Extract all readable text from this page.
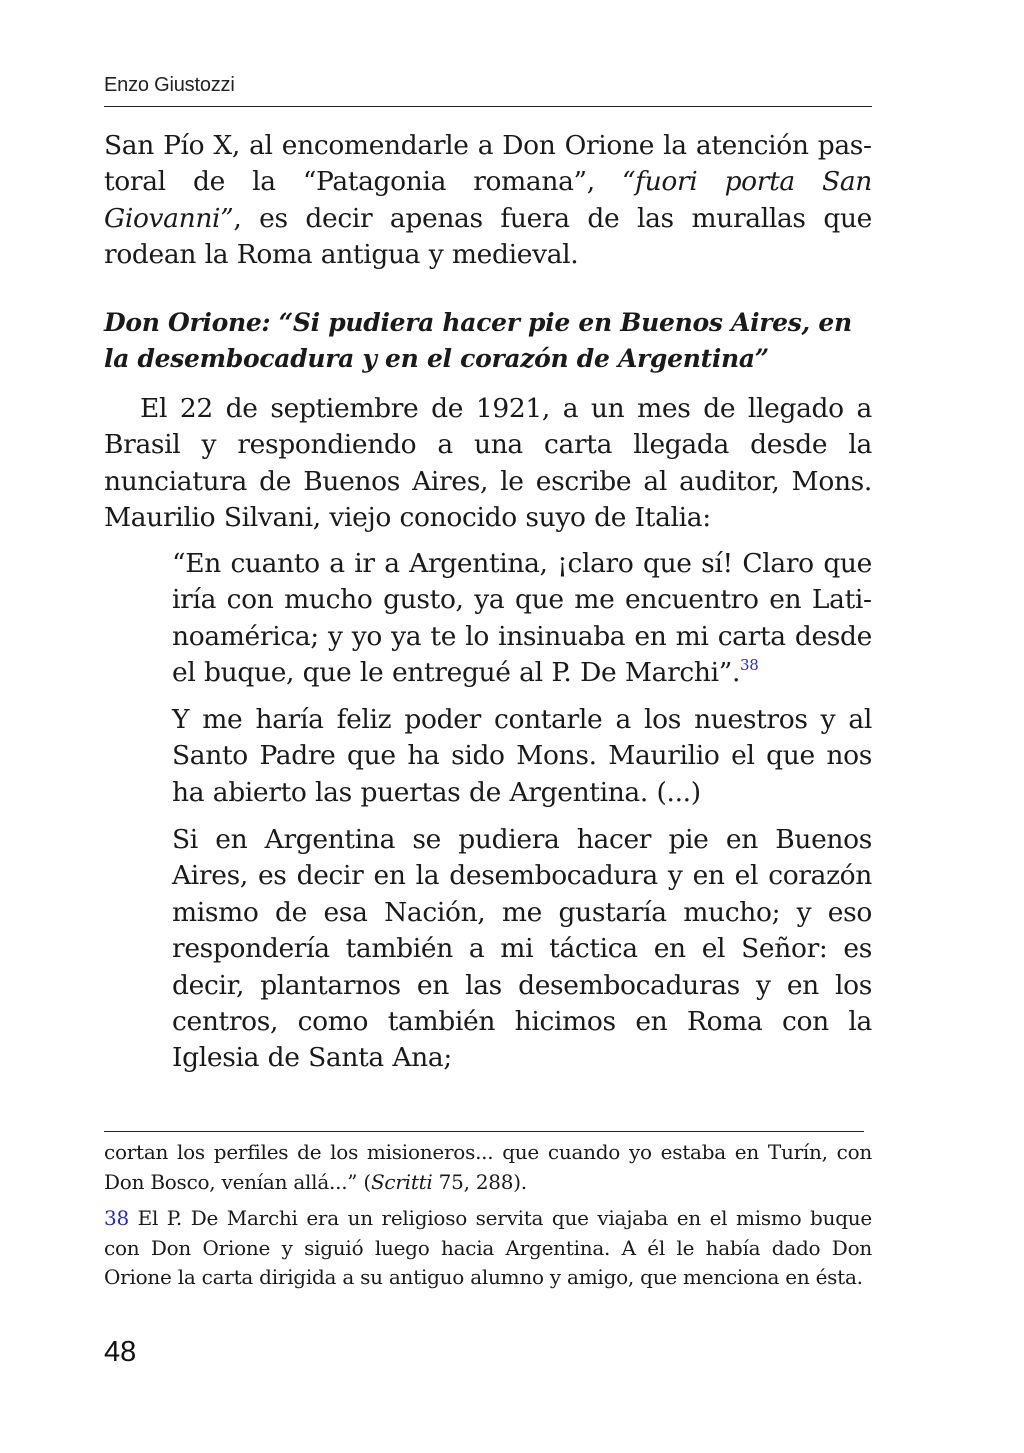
Enzo Giustozzi
San Pío X, al encomendarle a Don Orione la atención pastoral de la “Patagonia romana”, “fuori porta San Giovanni”, es decir apenas fuera de las murallas que rodean la Roma antigua y medieval.
Don Orione: “Si pudiera hacer pie en Buenos Aires, en la desembocadura y en el corazón de Argentina”
El 22 de septiembre de 1921, a un mes de llegado a Brasil y respondiendo a una carta llegada desde la nunciatura de Buenos Aires, le escribe al auditor, Mons. Maurilio Silvani, viejo conocido suyo de Italia:
“En cuanto a ir a Argentina, ¡claro que sí! Claro que iría con mucho gusto, ya que me encuentro en Latinoamérica; y yo ya te lo insinuaba en mi carta desde el buque, que le entregué al P. De Marchi”.$^{38}$
Y me haría feliz poder contarle a los nuestros y al Santo Padre que ha sido Mons. Maurilio el que nos ha abierto las puertas de Argentina. (...)
Si en Argentina se pudiera hacer pie en Buenos Aires, es decir en la desembocadura y en el corazón mismo de esa Nación, me gustaría mucho; y eso respondería también a mi táctica en el Señor: es decir, plantarnos en las desembocaduras y en los centros, como también hicimos en Roma con la Iglesia de Santa Ana;
cortan los perfiles de los misioneros... que cuando yo estaba en Turín, con Don Bosco, venían allá...” (Scritti 75, 288).
38 El P. De Marchi era un religioso servita que viajaba en el mismo buque con Don Orione y siguió luego hacia Argentina. A él le había dado Don Orione la carta dirigida a su antiguo alumno y amigo, que menciona en ésta.
48
